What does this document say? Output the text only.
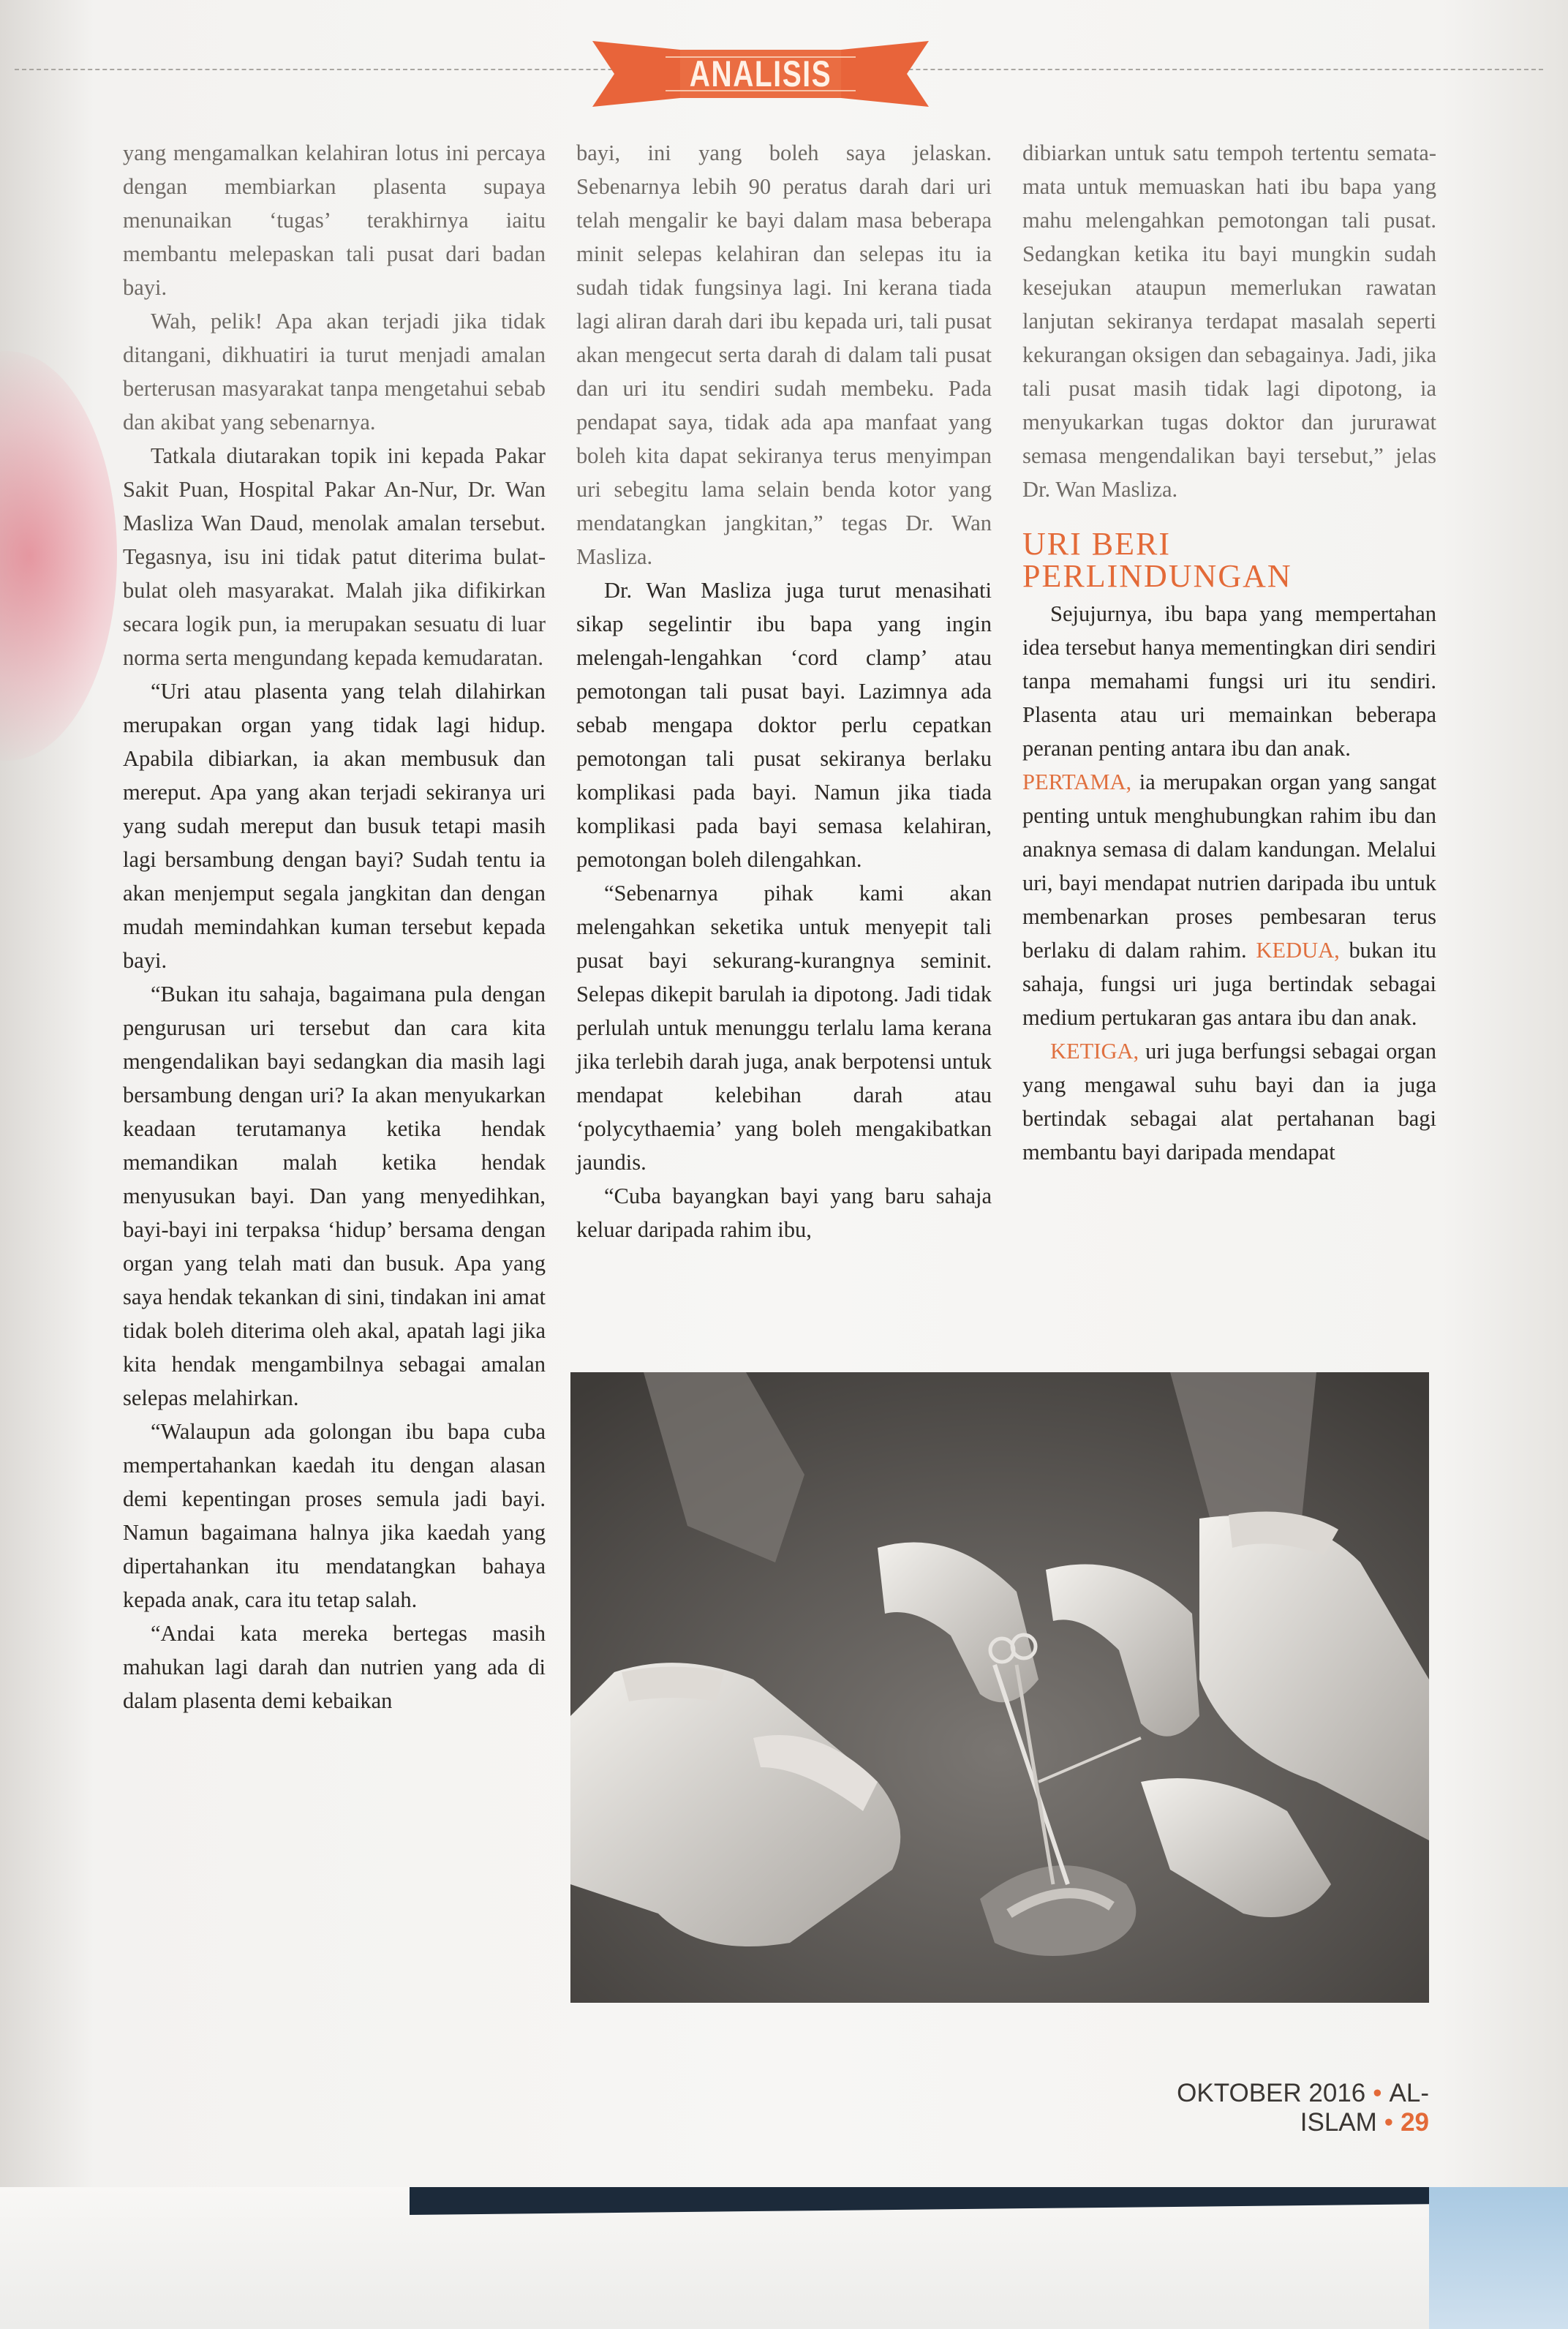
ANALISIS

yang mengamalkan kelahiran lotus ini percaya dengan membiarkan plasenta supaya menunaikan ‘tugas’ terakhirnya iaitu membantu melepaskan tali pusat dari badan bayi.

Wah, pelik! Apa akan terjadi jika tidak ditangani, dikhuatiri ia turut menjadi amalan berterusan masyarakat tanpa mengetahui sebab dan akibat yang sebenarnya.

Tatkala diutarakan topik ini kepada Pakar Sakit Puan, Hospital Pakar An-Nur, Dr. Wan Masliza Wan Daud, menolak amalan tersebut. Tegasnya, isu ini tidak patut diterima bulat-bulat oleh masyarakat. Malah jika difikirkan secara logik pun, ia merupakan sesuatu di luar norma serta mengundang kepada kemudaratan.

“Uri atau plasenta yang telah dilahirkan merupakan organ yang tidak lagi hidup. Apabila dibiarkan, ia akan membusuk dan mereput. Apa yang akan terjadi sekiranya uri yang sudah mereput dan busuk tetapi masih lagi bersambung dengan bayi? Sudah tentu ia akan menjemput segala jangkitan dan dengan mudah memindahkan kuman tersebut kepada bayi.

“Bukan itu sahaja, bagaimana pula dengan pengurusan uri tersebut dan cara kita mengendalikan bayi sedangkan dia masih lagi bersambung dengan uri? Ia akan menyukarkan keadaan terutamanya ketika hendak memandikan malah ketika hendak menyusukan bayi. Dan yang menyedihkan, bayi-bayi ini terpaksa ‘hidup’ bersama dengan organ yang telah mati dan busuk. Apa yang saya hendak tekankan di sini, tindakan ini amat tidak boleh diterima oleh akal, apatah lagi jika kita hendak mengambilnya sebagai amalan selepas melahirkan.

“Walaupun ada golongan ibu bapa cuba mempertahankan kaedah itu dengan alasan demi kepentingan proses semula jadi bayi. Namun bagaimana halnya jika kaedah yang dipertahankan itu mendatangkan bahaya kepada anak, cara itu tetap salah.

“Andai kata mereka bertegas masih mahukan lagi darah dan nutrien yang ada di dalam plasenta demi kebaikan

bayi, ini yang boleh saya jelaskan. Sebenarnya lebih 90 peratus darah dari uri telah mengalir ke bayi dalam masa beberapa minit selepas kelahiran dan selepas itu ia sudah tidak fungsinya lagi. Ini kerana tiada lagi aliran darah dari ibu kepada uri, tali pusat akan mengecut serta darah di dalam tali pusat dan uri itu sendiri sudah membeku. Pada pendapat saya, tidak ada apa manfaat yang boleh kita dapat sekiranya terus menyimpan uri sebegitu lama selain benda kotor yang mendatangkan jangkitan,” tegas Dr. Wan Masliza.

Dr. Wan Masliza juga turut menasihati sikap segelintir ibu bapa yang ingin melengah-lengahkan ‘cord clamp’ atau pemotongan tali pusat bayi. Lazimnya ada sebab mengapa doktor perlu cepatkan pemotongan tali pusat sekiranya berlaku komplikasi pada bayi. Namun jika tiada komplikasi pada bayi semasa kelahiran, pemotongan boleh dilengahkan.

“Sebenarnya pihak kami akan melengahkan seketika untuk menyepit tali pusat bayi sekurang-kurangnya seminit. Selepas dikepit barulah ia dipotong. Jadi tidak perlulah untuk menunggu terlalu lama kerana jika terlebih darah juga, anak berpotensi untuk mendapat kelebihan darah atau ‘polycythaemia’ yang boleh mengakibatkan jaundis.

“Cuba bayangkan bayi yang baru sahaja keluar daripada rahim ibu,

dibiarkan untuk satu tempoh tertentu semata-mata untuk memuaskan hati ibu bapa yang mahu melengahkan pemotongan tali pusat. Sedangkan ketika itu bayi mungkin sudah kesejukan ataupun memerlukan rawatan lanjutan sekiranya terdapat masalah seperti kekurangan oksigen dan sebagainya. Jadi, jika tali pusat masih tidak lagi dipotong, ia menyukarkan tugas doktor dan jururawat semasa mengendalikan bayi tersebut,” jelas Dr. Wan Masliza.

URI BERI PERLINDUNGAN

Sejujurnya, ibu bapa yang mempertahan idea tersebut hanya mementingkan diri sendiri tanpa memahami fungsi uri itu sendiri. Plasenta atau uri memainkan beberapa peranan penting antara ibu dan anak.

PERTAMA, ia merupakan organ yang sangat penting untuk menghubungkan rahim ibu dan anaknya semasa di dalam kandungan. Melalui uri, bayi mendapat nutrien daripada ibu untuk membenarkan proses pembesaran terus berlaku di dalam rahim. KEDUA, bukan itu sahaja, fungsi uri juga bertindak sebagai medium pertukaran gas antara ibu dan anak.

KETIGA, uri juga berfungsi sebagai organ yang mengawal suhu bayi dan ia juga bertindak sebagai alat pertahanan bagi membantu bayi daripada mendapat

OKTOBER 2016 • AL-ISLAM • 29
